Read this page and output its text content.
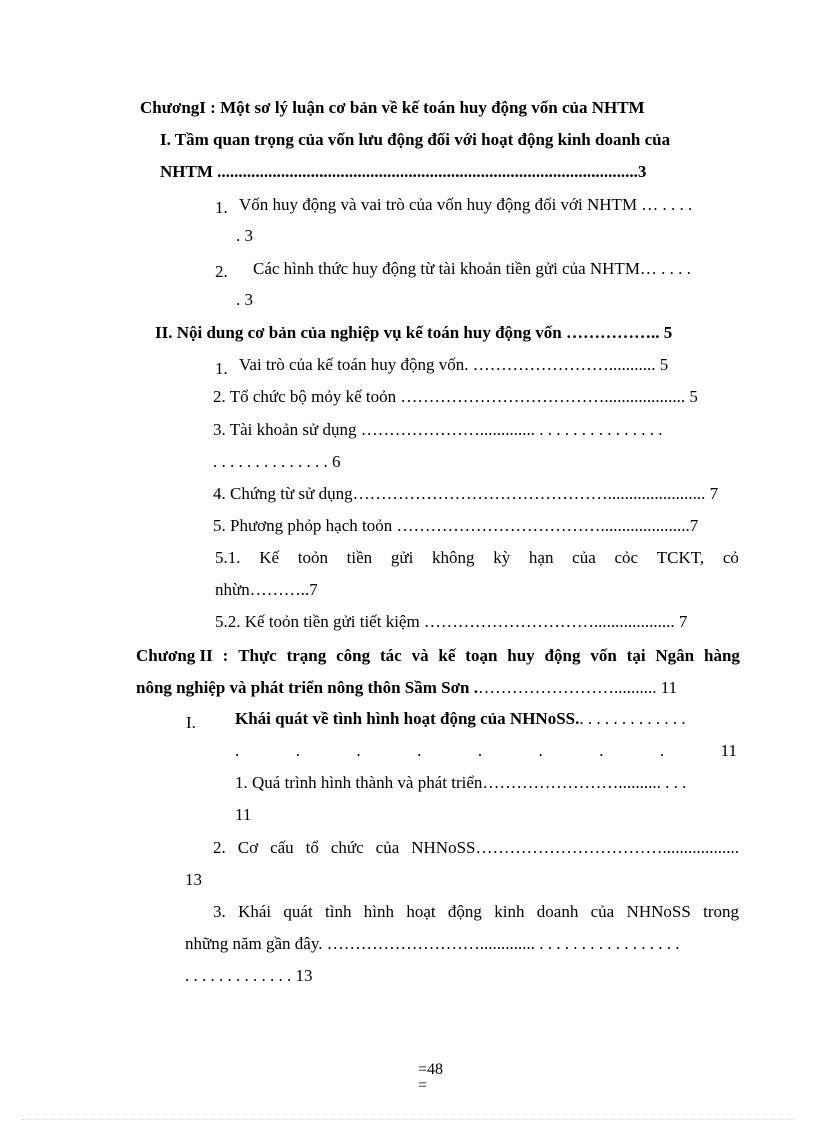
ChươngI : Một sơ lý luận cơ bản về kế toán huy động vốn của NHTM
I. Tầm quan trọng của vốn lưu động đối với hoạt động kinh doanh của
NHTM ...................................................................................................3
1. Vốn huy động và vai trò của vốn huy động đối với NHTM … . . . .
. 3
2. Các hình thức huy động từ tài khoản tiền gửi của NHTM… . . . .
. 3
II. Nội dung cơ bản của nghiệp vụ kế toán huy động vốn …………….. 5
1. Vai trò của kế toán huy động vốn. ……………………........... 5
2. Tổ chức bộ mỏy kế toỏn ………………………………................... 5
3. Tài khoản sử dụng …………………............. . . . . . . . . . . . . . . .
. . . . . . . . . . . . . . 6
4. Chứng từ sử dụng………………………………………....................... 7
5. Phương phỏp hạch toỏn ……………………………….....................7
5.1. Kế toỏn tiền gửi không kỳ hạn của cỏc TCKT, cỏ
nhừn………..7
5.2. Kế toỏn tiền gửi tiết kiệm …………………………................... 7
Chương II : Thực trạng công tác và kế toạn huy động vốn tại Ngân hàng
nông nghiệp và phát triển nông thôn Sầm Sơn .…………………….......... 11
I. Khái quát về tình hình hoạt động của NHNoSS.. . . . . . . . . . . . .
.	.	.	.	.	.	.	.	11
1. Quá trình hình thành và phát triển…………………….......... . . .
11
2. Cơ cấu tổ chức của NHNoSS……………………………..................
13
3. Khái quát tình hình hoạt động kinh doanh của NHNoSS trong
những năm gần đây. ………………………............. . . . . . . . . . . . . . . . . .
. . . . . . . . . . . . . 13
=48
=
